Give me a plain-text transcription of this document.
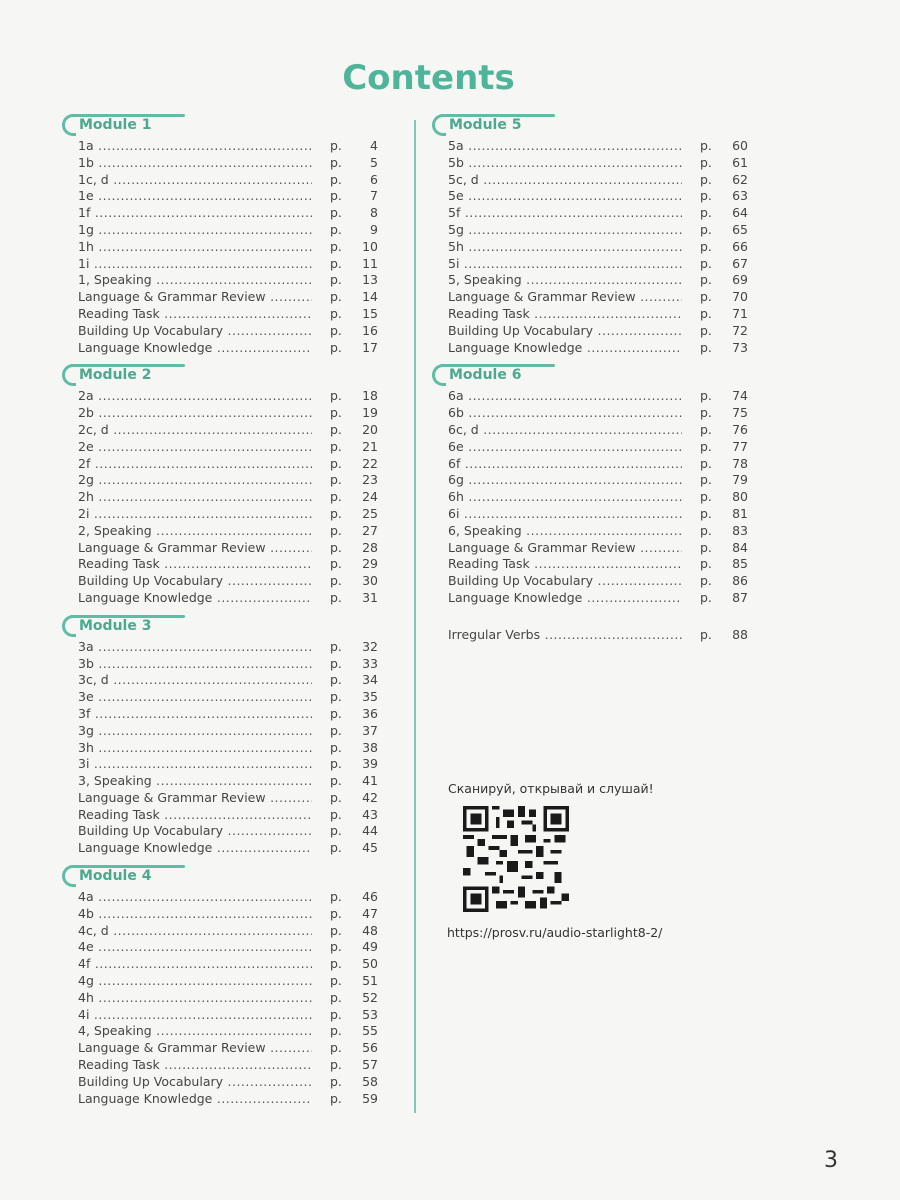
Contents
Module 1
1a .....	p.	4
1b .....	p.	5
1c, d .....	p.	6
1e .....	p.	7
1f .....	p.	8
1g .....	p.	9
1h .....	p.	10
1i .....	p.	11
1, Speaking .....	p.	13
Language & Grammar Review .....	p.	14
Reading Task .....	p.	15
Building Up Vocabulary .....	p.	16
Language Knowledge .....	p.	17
Module 2
2a .....	p.	18
2b .....	p.	19
2c, d .....	p.	20
2e .....	p.	21
2f .....	p.	22
2g .....	p.	23
2h .....	p.	24
2i .....	p.	25
2, Speaking .....	p.	27
Language & Grammar Review .....	p.	28
Reading Task .....	p.	29
Building Up Vocabulary .....	p.	30
Language Knowledge .....	p.	31
Module 3
3a .....	p.	32
3b .....	p.	33
3c, d .....	p.	34
3e .....	p.	35
3f .....	p.	36
3g .....	p.	37
3h .....	p.	38
3i .....	p.	39
3, Speaking .....	p.	41
Language & Grammar Review .....	p.	42
Reading Task .....	p.	43
Building Up Vocabulary .....	p.	44
Language Knowledge .....	p.	45
Module 4
4a .....	p.	46
4b .....	p.	47
4c, d .....	p.	48
4e .....	p.	49
4f .....	p.	50
4g .....	p.	51
4h .....	p.	52
4i .....	p.	53
4, Speaking .....	p.	55
Language & Grammar Review .....	p.	56
Reading Task .....	p.	57
Building Up Vocabulary .....	p.	58
Language Knowledge .....	p.	59
Module 5
5a .....	p.	60
5b .....	p.	61
5c, d .....	p.	62
5e .....	p.	63
5f .....	p.	64
5g .....	p.	65
5h .....	p.	66
5i .....	p.	67
5, Speaking .....	p.	69
Language & Grammar Review .....	p.	70
Reading Task .....	p.	71
Building Up Vocabulary .....	p.	72
Language Knowledge .....	p.	73
Module 6
6a .....	p.	74
6b .....	p.	75
6c, d .....	p.	76
6e .....	p.	77
6f .....	p.	78
6g .....	p.	79
6h .....	p.	80
6i .....	p.	81
6, Speaking .....	p.	83
Language & Grammar Review .....	p.	84
Reading Task .....	p.	85
Building Up Vocabulary .....	p.	86
Language Knowledge .....	p.	87
Irregular Verbs .....	p.	88
Сканируй, открывай и слушай!
https://prosv.ru/audio-starlight8-2/
3
